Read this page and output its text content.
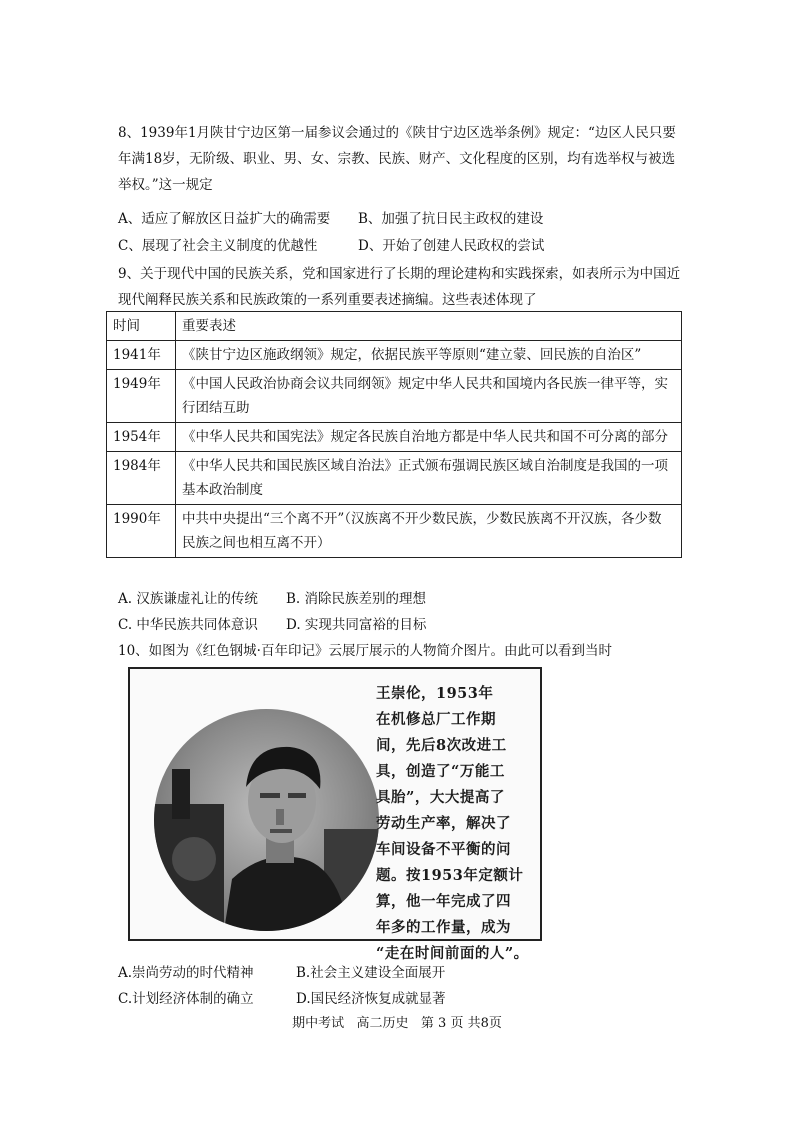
8、1939年1月陕甘宁边区第一届参议会通过的《陕甘宁边区选举条例》规定：“边区人民只要年满18岁，无阶级、职业、男、女、宗教、民族、财产、文化程度的区别，均有选举权与被选举权。”这一规定

A、适应了解放区日益扩大的确需要	B、加强了抗日民主政权的建设
C、展现了社会主义制度的优越性	D、开始了创建人民政权的尝试

9、关于现代中国的民族关系，党和国家进行了长期的理论建构和实践探索，如表所示为中国近现代阐释民族关系和民族政策的一系列重要表述摘编。这些表述体现了

时间	重要表述
1941年	《陕甘宁边区施政纲领》规定，依据民族平等原则“建立蒙、回民族的自治区”
1949年	《中国人民政治协商会议共同纲领》规定中华人民共和国境内各民族一律平等，实行团结互助
1954年	《中华人民共和国宪法》规定各民族自治地方都是中华人民共和国不可分离的部分
1984年	《中华人民共和国民族区域自治法》正式颁布强调民族区域自治制度是我国的一项基本政治制度
1990年	中共中央提出“三个离不开”（汉族离不开少数民族，少数民族离不开汉族，各少数民族之间也相互离不开）
A. 汉族谦虚礼让的传统	B. 消除民族差别的理想
C. 中华民族共同体意识	D. 实现共同富裕的目标

10、如图为《红色钢城·百年印记》云展厅展示的人物简介图片。由此可以看到当时

王崇伦，1953年
在机修总厂工作期
间，先后8次改进工
具，创造了“万能工
具胎”，大大提高了
劳动生产率，解决了
车间设备不平衡的问
题。按1953年定额计
算，他一年完成了四
年多的工作量，成为
“走在时间前面的人”。
A.崇尚劳动的时代精神	B.社会主义建设全面展开
C.计划经济体制的确立	D.国民经济恢复成就显著
期中考试   高二历史   第 3 页 共8页
